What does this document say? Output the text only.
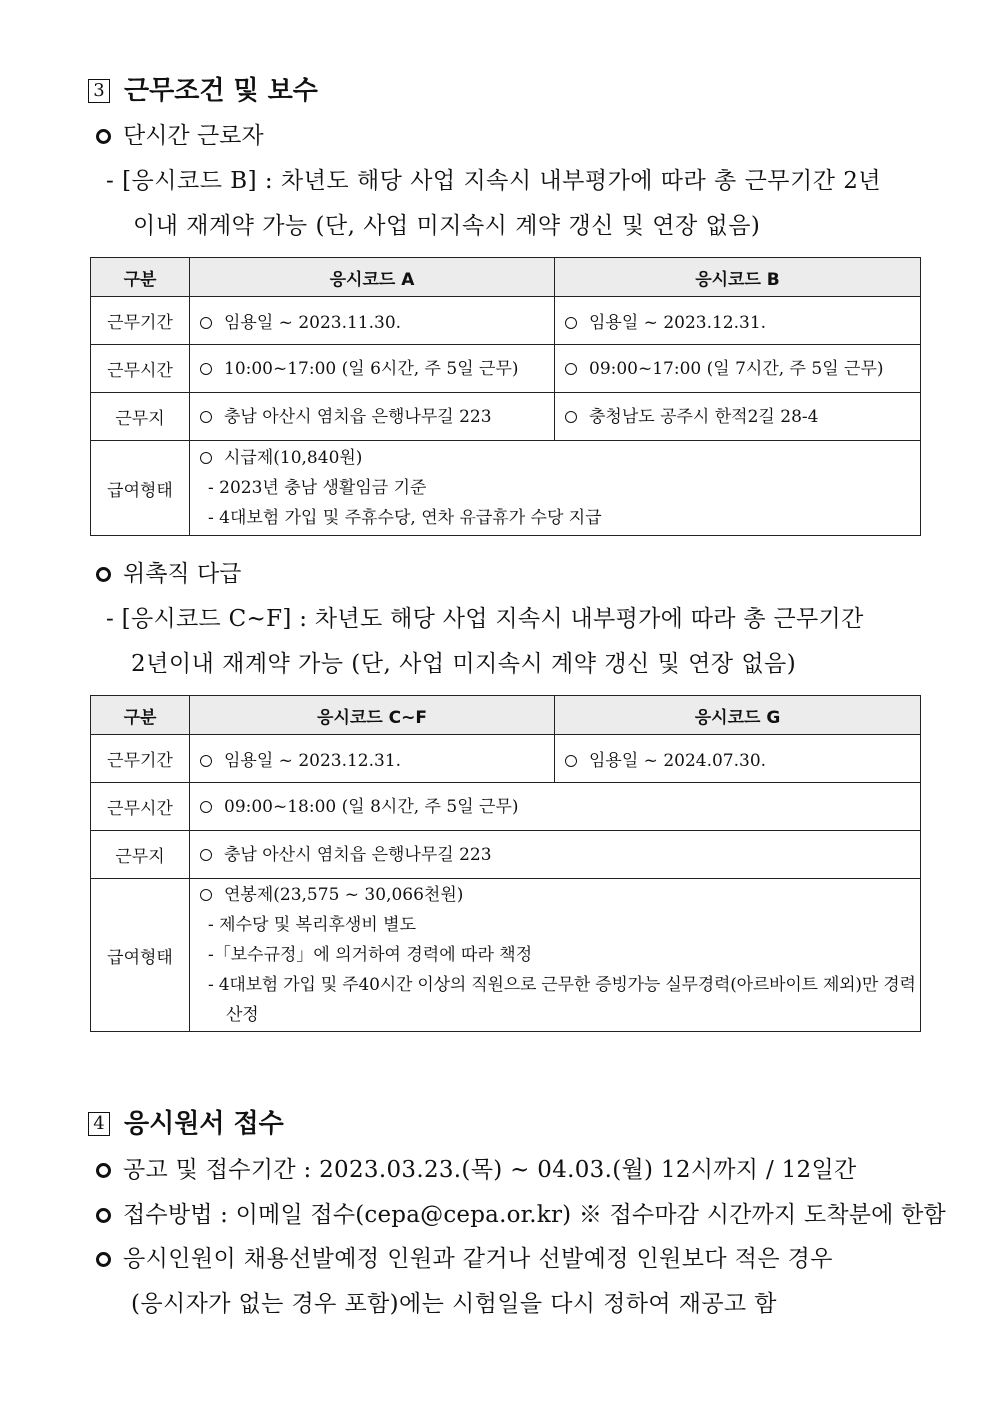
3 근무조건 및 보수
단시간 근로자
- [응시코드 B] : 차년도 해당 사업 지속시 내부평가에 따라 총 근무기간 2년
이내 재계약 가능 (단, 사업 미지속시 계약 갱신 및 연장 없음)
구분	응시코드 A	응시코드 B
근무기간	임용일 ~ 2023.11.30.	임용일 ~ 2023.12.31.
근무시간	10:00~17:00 (일 6시간, 주 5일 근무)	09:00~17:00 (일 7시간, 주 5일 근무)
근무지	충남 아산시 염치읍 은행나무길 223	충청남도 공주시 한적2길 28-4
급여형태	시급제(10,840원)
- 2023년 충남 생활임금 기준
- 4대보험 가입 및 주휴수당, 연차 유급휴가 수당 지급	
위촉직 다급
- [응시코드 C~F] : 차년도 해당 사업 지속시 내부평가에 따라 총 근무기간
2년이내 재계약 가능 (단, 사업 미지속시 계약 갱신 및 연장 없음)
구분	응시코드 C~F	응시코드 G
근무기간	임용일 ~ 2023.12.31.	임용일 ~ 2024.07.30.
근무시간	09:00~18:00 (일 8시간, 주 5일 근무)	
근무지	충남 아산시 염치읍 은행나무길 223	
급여형태	연봉제(23,575 ~ 30,066천원)
- 제수당 및 복리후생비 별도
-「보수규정」에 의거하여 경력에 따라 책정
- 4대보험 가입 및 주40시간 이상의 직원으로 근무한 증빙가능 실무경력(아르바이트 제외)만 경력 산정	
4 응시원서 접수
공고 및 접수기간 : 2023.03.23.(목) ~ 04.03.(월) 12시까지 / 12일간
접수방법 : 이메일 접수(cepa@cepa.or.kr) ※ 접수마감 시간까지 도착분에 한함
응시인원이 채용선발예정 인원과 같거나 선발예정 인원보다 적은 경우
(응시자가 없는 경우 포함)에는 시험일을 다시 정하여 재공고 함
